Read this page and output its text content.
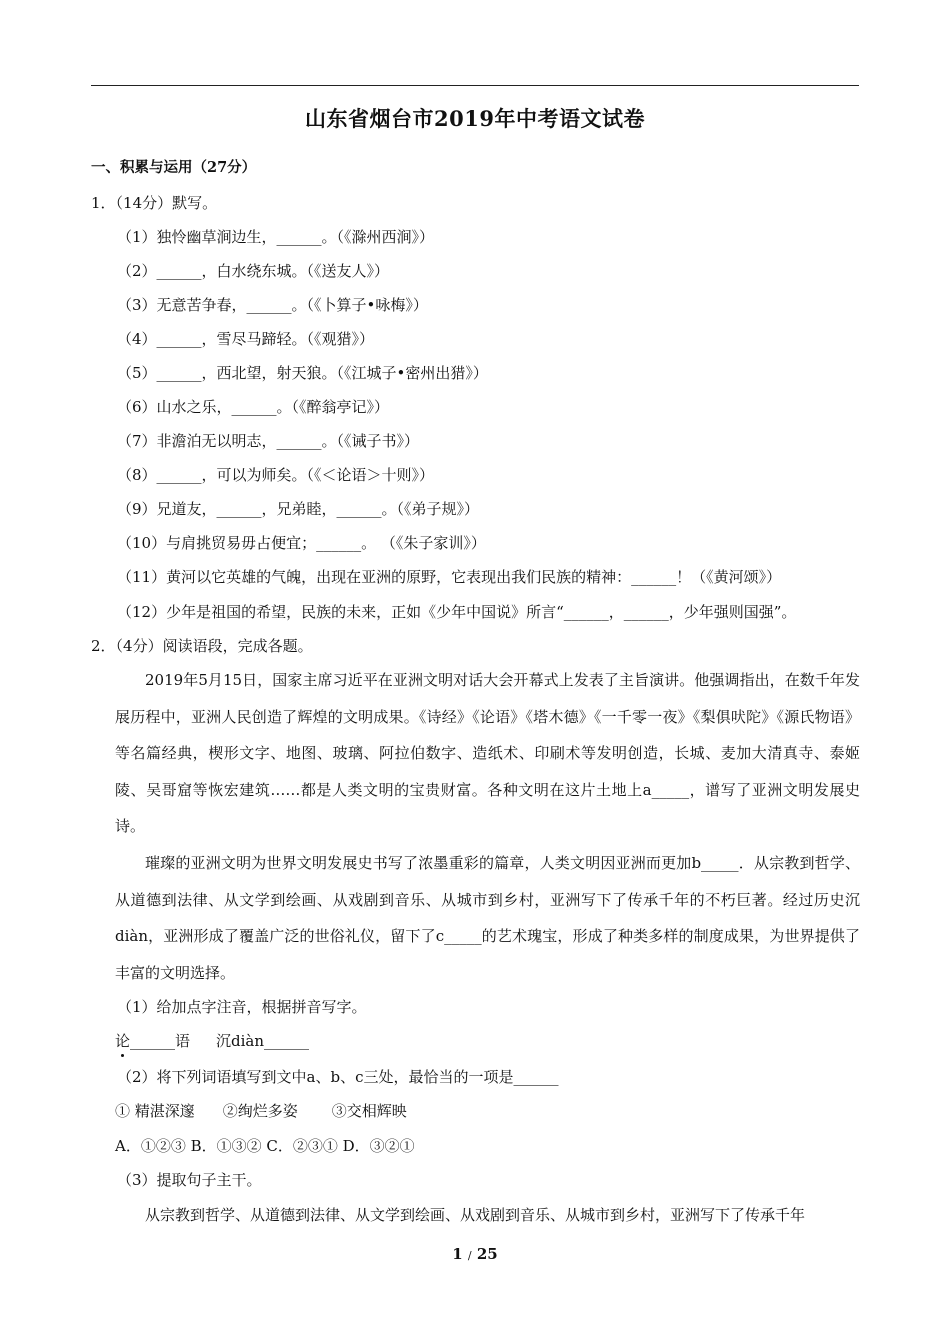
山东省烟台市2019年中考语文试卷
一、积累与运用（27分）
1．（14分）默写。
（1）独怜幽草涧边生，______。（《滁州西涧》）
（2）______，白水绕东城。（《送友人》）
（3）无意苦争春，______。（《卜算子•咏梅》）
（4）______，雪尽马蹄轻。（《观猎》）
（5）______，西北望，射天狼。（《江城子•密州出猎》）
（6）山水之乐，______。（《醉翁亭记》）
（7）非澹泊无以明志，______。（《诫子书》）
（8）______，可以为师矣。（《＜论语＞十则》）
（9）兄道友，______，兄弟睦，______。（《弟子规》）
（10）与肩挑贸易毋占便宜；______。 （《朱子家训》）
（11）黄河以它英雄的气魄，出现在亚洲的原野，它表现出我们民族的精神：______！（《黄河颂》）
（12）少年是祖国的希望，民族的未来，正如《少年中国说》所言“______，______，少年强则国强”。
2．（4分）阅读语段，完成各题。
2019年5月15日，国家主席习近平在亚洲文明对话大会开幕式上发表了主旨演讲。他强调指出，在数千年发展历程中，亚洲人民创造了辉煌的文明成果。《诗经》《论语》《塔木德》《一千零一夜》《梨俱吠陀》《源氏物语》等名篇经典，楔形文字、地图、玻璃、阿拉伯数字、造纸术、印刷术等发明创造，长城、麦加大清真寺、泰姬陵、吴哥窟等恢宏建筑……都是人类文明的宝贵财富。各种文明在这片土地上a_____，谱写了亚洲文明发展史诗。
璀璨的亚洲文明为世界文明发展史书写了浓墨重彩的篇章，人类文明因亚洲而更加b_____．从宗教到哲学、从道德到法律、从文学到绘画、从戏剧到音乐、从城市到乡村，亚洲写下了传承千年的不朽巨著。经过历史沉diàn，亚洲形成了覆盖广泛的世俗礼仪，留下了c_____的艺术瑰宝，形成了种类多样的制度成果，为世界提供了丰富的文明选择。
（1）给加点字注音，根据拼音写字。
论______语 沉diàn______
（2）将下列词语填写到文中a、b、c三处，最恰当的一项是______
① 精湛深邃 ②绚烂多姿 ③交相辉映
A．①②③ B．①③② C．②③① D．③②①
（3）提取句子主干。
从宗教到哲学、从道德到法律、从文学到绘画、从戏剧到音乐、从城市到乡村，亚洲写下了传承千年
1 / 25
